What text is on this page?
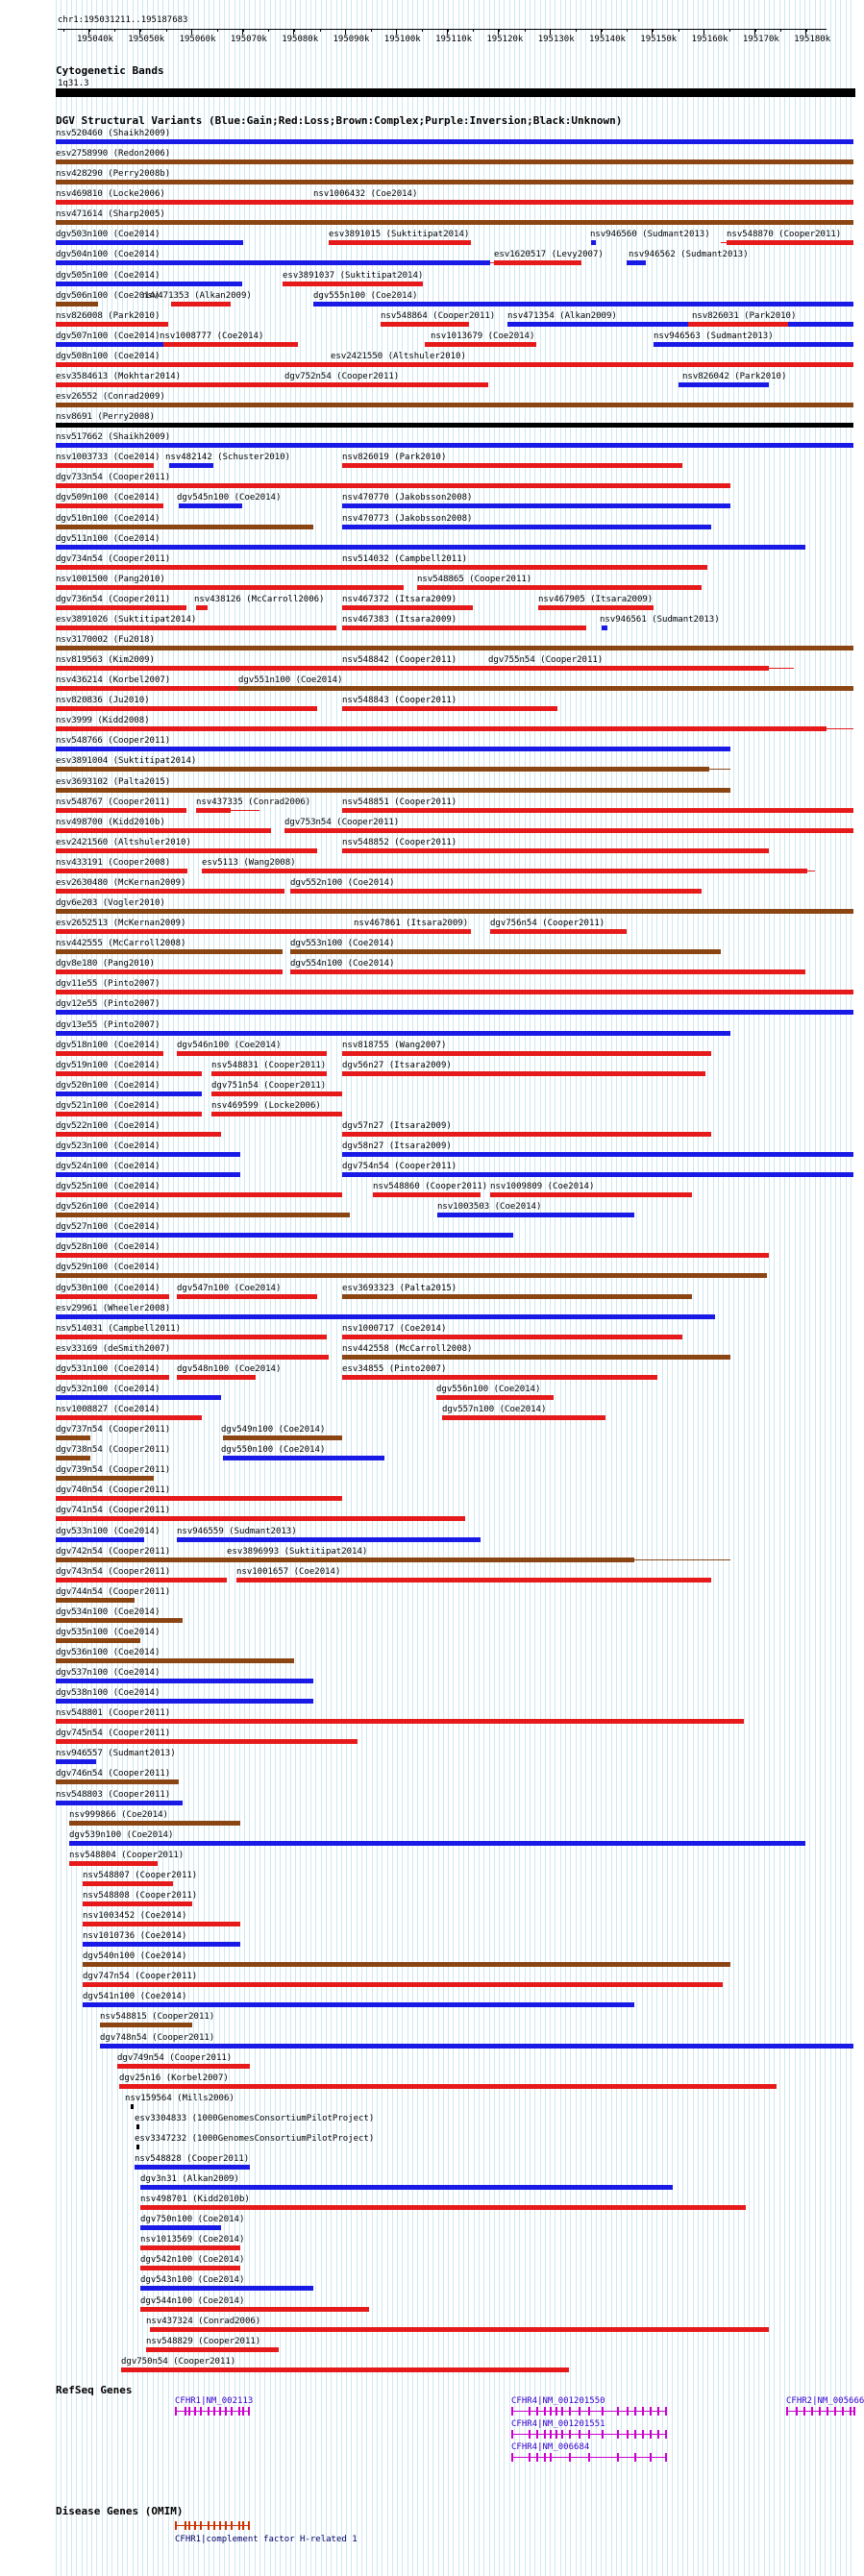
chr1:195031211..195187683
195040k 195050k 195060k 195070k 195080k 195090k 195100k 195110k 195120k 195130k 195140k 195150k 195160k 195170k 195180k
Cytogenetic Bands
1q31.3
DGV Structural Variants (Blue:Gain;Red:Loss;Brown:Complex;Purple:Inversion;Black:Unknown)
nsv520460 (Shaikh2009)
esv2758990 (Redon2006)
nsv428290 (Perry2008b)
nsv469810 (Locke2006)	nsv1006432 (Coe2014)
nsv471614 (Sharp2005)
dgv503n100 (Coe2014)	esv3891015 (Suktitipat2014)	nsv946560 (Sudmant2013) nsv548870 (Cooper2011)
dgv504n100 (Coe2014)	esv1620517 (Levy2007)	nsv946562 (Sudmant2013)
dgv505n100 (Coe2014)	esv3891037 (Suktitipat2014)
dgv506n100 (Coe2014)
nsv471353 (Alkan2009)	dgv555n100 (Coe2014)
nsv826008 (Park2010)	nsv548864 (Cooper2011) nsv471354 (Alkan2009)	nsv826031 (Park2010)
dgv507n100 (Coe2014) nsv1008777 (Coe2014)	nsv1013679 (Coe2014)	nsv946563 (Sudmant2013)
dgv508n100 (Coe2014)	esv2421550 (Altshuler2010)
esv3584613 (Mokhtar2014)	dgv752n54 (Cooper2011)	nsv826042 (Park2010)
esv26552 (Conrad2009)
nsv8691 (Perry2008)
nsv517662 (Shaikh2009)
nsv1003733 (Coe2014) nsv482142 (Schuster2010)	nsv826019 (Park2010)
dgv733n54 (Cooper2011)
dgv509n100 (Coe2014) dgv545n100 (Coe2014)	nsv470770 (Jakobsson2008)
dgv510n100 (Coe2014)	nsv470773 (Jakobsson2008)
dgv511n100 (Coe2014)
dgv734n54 (Cooper2011)	nsv514032 (Campbell2011)
nsv1001500 (Pang2010)	nsv548865 (Cooper2011)
dgv736n54 (Cooper2011)	nsv438126 (McCarroll2006) nsv467372 (Itsara2009)	nsv467905 (Itsara2009)
esv3891026 (Suktitipat2014)	nsv467383 (Itsara2009)	nsv946561 (Sudmant2013)
nsv3170002 (Fu2018)
nsv819563 (Kim2009)	nsv548842 (Cooper2011)	dgv755n54 (Cooper2011)
nsv436214 (Korbel2007)	dgv551n100 (Coe2014)
nsv820836 (Ju2010)	nsv548843 (Cooper2011)
nsv3999 (Kidd2008)
nsv548766 (Cooper2011)
esv3891004 (Suktitipat2014)
esv3693102 (Palta2015)
nsv548767 (Cooper2011)	nsv437335 (Conrad2006)	nsv548851 (Cooper2011)
nsv498700 (Kidd2010b)	dgv753n54 (Cooper2011)
esv2421560 (Altshuler2010)	nsv548852 (Cooper2011)
nsv433191 (Cooper2008)	esv5113 (Wang2008)
esv2630480 (McKernan2009)	dgv552n100 (Coe2014)
dgv6e203 (Vogler2010)
esv2652513 (McKernan2009)	nsv467861 (Itsara2009)	dgv756n54 (Cooper2011)
nsv442555 (McCarroll2008)	dgv553n100 (Coe2014)
dgv8e180 (Pang2010)	dgv554n100 (Coe2014)
dgv11e55 (Pinto2007)
dgv12e55 (Pinto2007)
dgv13e55 (Pinto2007)
dgv518n100 (Coe2014) dgv546n100 (Coe2014)	nsv818755 (Wang2007)
dgv519n100 (Coe2014)	nsv548831 (Cooper2011) dgv56n27 (Itsara2009)
dgv520n100 (Coe2014)	dgv751n54 (Cooper2011)
dgv521n100 (Coe2014)	nsv469599 (Locke2006)
dgv522n100 (Coe2014)	dgv57n27 (Itsara2009)
dgv523n100 (Coe2014)	dgv58n27 (Itsara2009)
dgv524n100 (Coe2014)	dgv754n54 (Cooper2011)
dgv525n100 (Coe2014)	nsv548860 (Cooper2011) nsv1009809 (Coe2014)
dgv526n100 (Coe2014)	nsv1003503 (Coe2014)
dgv527n100 (Coe2014)
dgv528n100 (Coe2014)
dgv529n100 (Coe2014)
dgv530n100 (Coe2014) dgv547n100 (Coe2014)	esv3693323 (Palta2015)
esv29961 (Wheeler2008)
nsv514031 (Campbell2011)	nsv1000717 (Coe2014)
esv33169 (deSmith2007)	nsv442558 (McCarroll2008)
dgv531n100 (Coe2014) dgv548n100 (Coe2014)	esv34855 (Pinto2007)
dgv532n100 (Coe2014)	dgv556n100 (Coe2014)
nsv1008827 (Coe2014)	dgv557n100 (Coe2014)
dgv737n54 (Cooper2011)	dgv549n100 (Coe2014)
dgv738n54 (Cooper2011)	dgv550n100 (Coe2014)
dgv739n54 (Cooper2011)
dgv740n54 (Cooper2011)
dgv741n54 (Cooper2011)
dgv533n100 (Coe2014) nsv946559 (Sudmant2013)
dgv742n54 (Cooper2011)	esv3896993 (Suktitipat2014)
dgv743n54 (Cooper2011)	nsv1001657 (Coe2014)
dgv744n54 (Cooper2011)
dgv534n100 (Coe2014)
dgv535n100 (Coe2014)
dgv536n100 (Coe2014)
dgv537n100 (Coe2014)
dgv538n100 (Coe2014)
nsv548801 (Cooper2011)
dgv745n54 (Cooper2011)
nsv946557 (Sudmant2013)
dgv746n54 (Cooper2011)
nsv548803 (Cooper2011)
nsv999866 (Coe2014)
dgv539n100 (Coe2014)
nsv548804 (Cooper2011)
nsv548807 (Cooper2011)
nsv548808 (Cooper2011)
nsv1003452 (Coe2014)
nsv1010736 (Coe2014)
dgv540n100 (Coe2014)
dgv747n54 (Cooper2011)
dgv541n100 (Coe2014)
nsv548815 (Cooper2011)
dgv748n54 (Cooper2011)
dgv749n54 (Cooper2011)
dgv25n16 (Korbel2007)
nsv159564 (Mills2006)
esv3304833 (1000GenomesConsortiumPilotProject)
esv3347232 (1000GenomesConsortiumPilotProject)
nsv548828 (Cooper2011)
dgv3n31 (Alkan2009)
nsv498701 (Kidd2010b)
dgv750n100 (Coe2014)
nsv1013569 (Coe2014)
dgv542n100 (Coe2014)
dgv543n100 (Coe2014)
dgv544n100 (Coe2014)
nsv437324 (Conrad2006)
nsv548829 (Cooper2011)
dgv750n54 (Cooper2011)
RefSeq Genes
CFHR1|NM_002113	CFHR4|NM_001201550
CFHR4|NM_001201551
CFHR4|NM_006684
CFHR2|NM_005666
Disease Genes (OMIM)
CFHR1|complement factor H-related 1
